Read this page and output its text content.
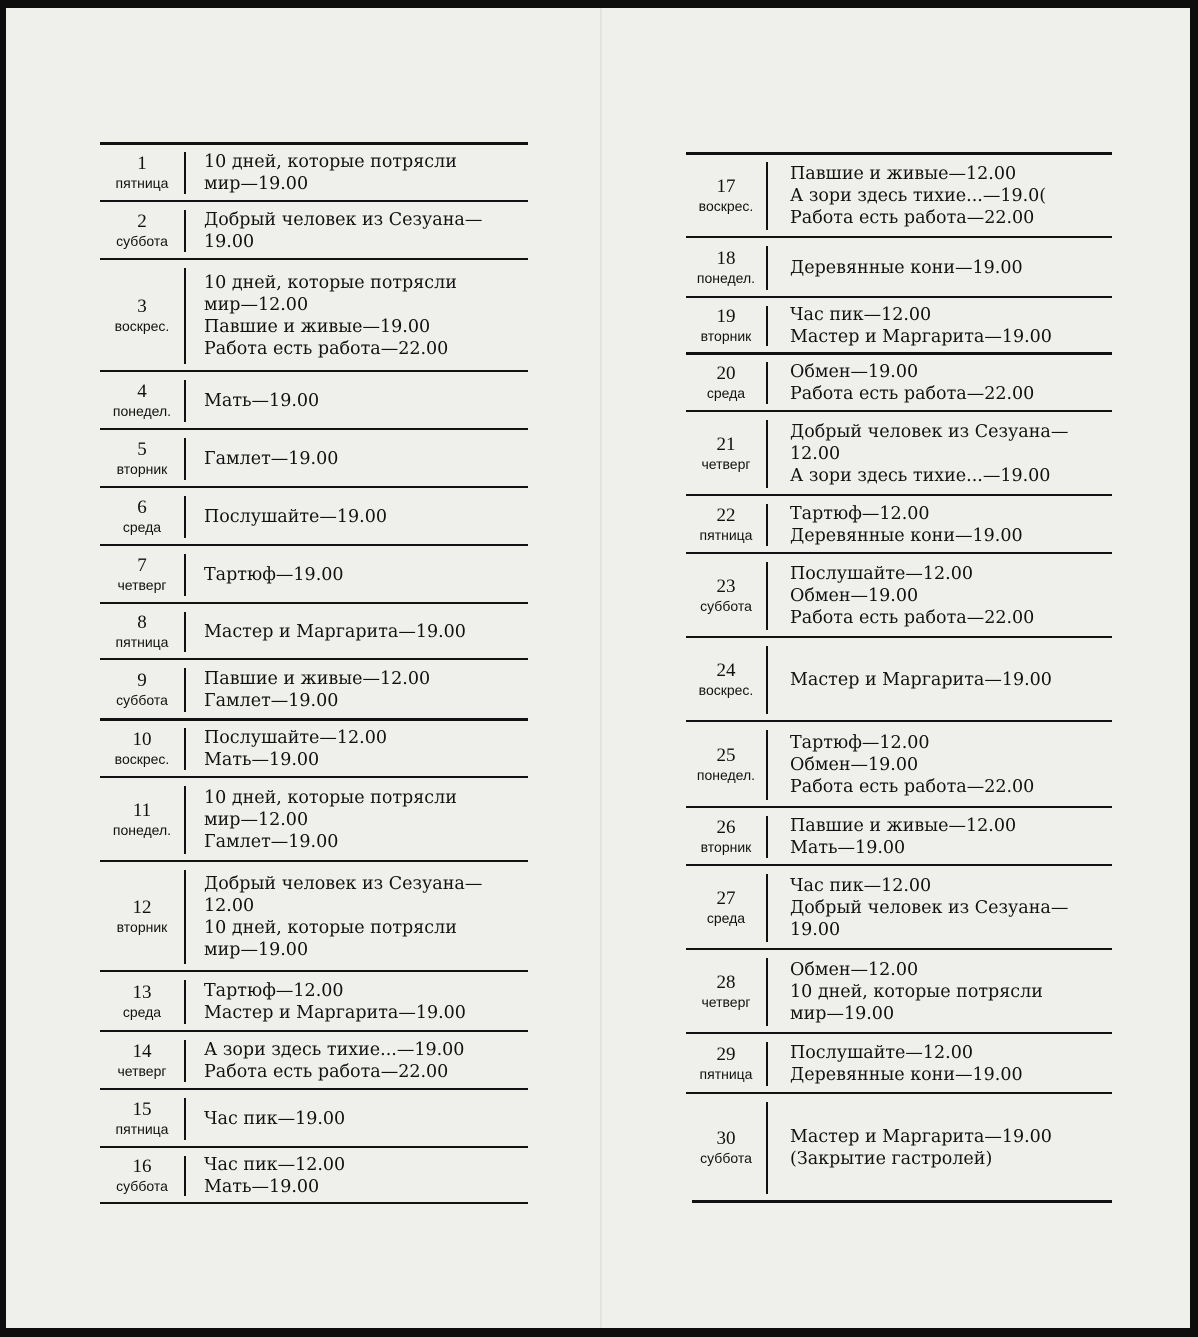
1
пятница
10 дней, которые потрясли
мир—19.00
2
суббота
Добрый человек из Сезуана—
19.00
3
воскрес.
10 дней, которые потрясли
мир—12.00
Павшие и живые—19.00
Работа есть работа—22.00
4
понедел. Мать—19.00
5
вторник Гамлет—19.00
6
среда Послушайте—19.00
7
четверг Тартюф—19.00
8
пятница Мастер и Маргарита—19.00
9
суббота
Павшие и живые—12.00
Гамлет—19.00
10
воскрес.
Послушайте—12.00
Мать—19.00
11
понедел.
10 дней, которые потрясли
мир—12.00
Гамлет—19.00
12
вторник
Добрый человек из Сезуана—
12.00
10 дней, которые потрясли
мир—19.00
13
среда
Тартюф—12.00
Мастер и Маргарита—19.00
14
четверг
А зори здесь тихие...—19.00
Работа есть работа—22.00
15
пятница Час пик—19.00
16
суббота
Час пик—12.00
Мать—19.00
17
воскрес.
Павшие и живые—12.00
А зори здесь тихие...—19.0(
Работа есть работа—22.00
18
понедел. Деревянные кони—19.00
19
вторник
Час пик—12.00
Мастер и Маргарита—19.00
20
среда
Обмен—19.00
Работа есть работа—22.00
21
четверг
Добрый человек из Сезуана—
12.00
А зори здесь тихие...—19.00
22
пятница
Тартюф—12.00
Деревянные кони—19.00
23
суббота
Послушайте—12.00
Обмен—19.00
Работа есть работа—22.00
24
воскрес. Мастер и Маргарита—19.00
25
понедел.
Тартюф—12.00
Обмен—19.00
Работа есть работа—22.00
26
вторник
Павшие и живые—12.00
Мать—19.00
27
среда
Час пик—12.00
Добрый человек из Сезуана—
19.00
28
четверг
Обмен—12.00
10 дней, которые потрясли
мир—19.00
29
пятница
Послушайте—12.00
Деревянные кони—19.00
30
суббота
Мастер и Маргарита—19.00
(Закрытие гастролей)
